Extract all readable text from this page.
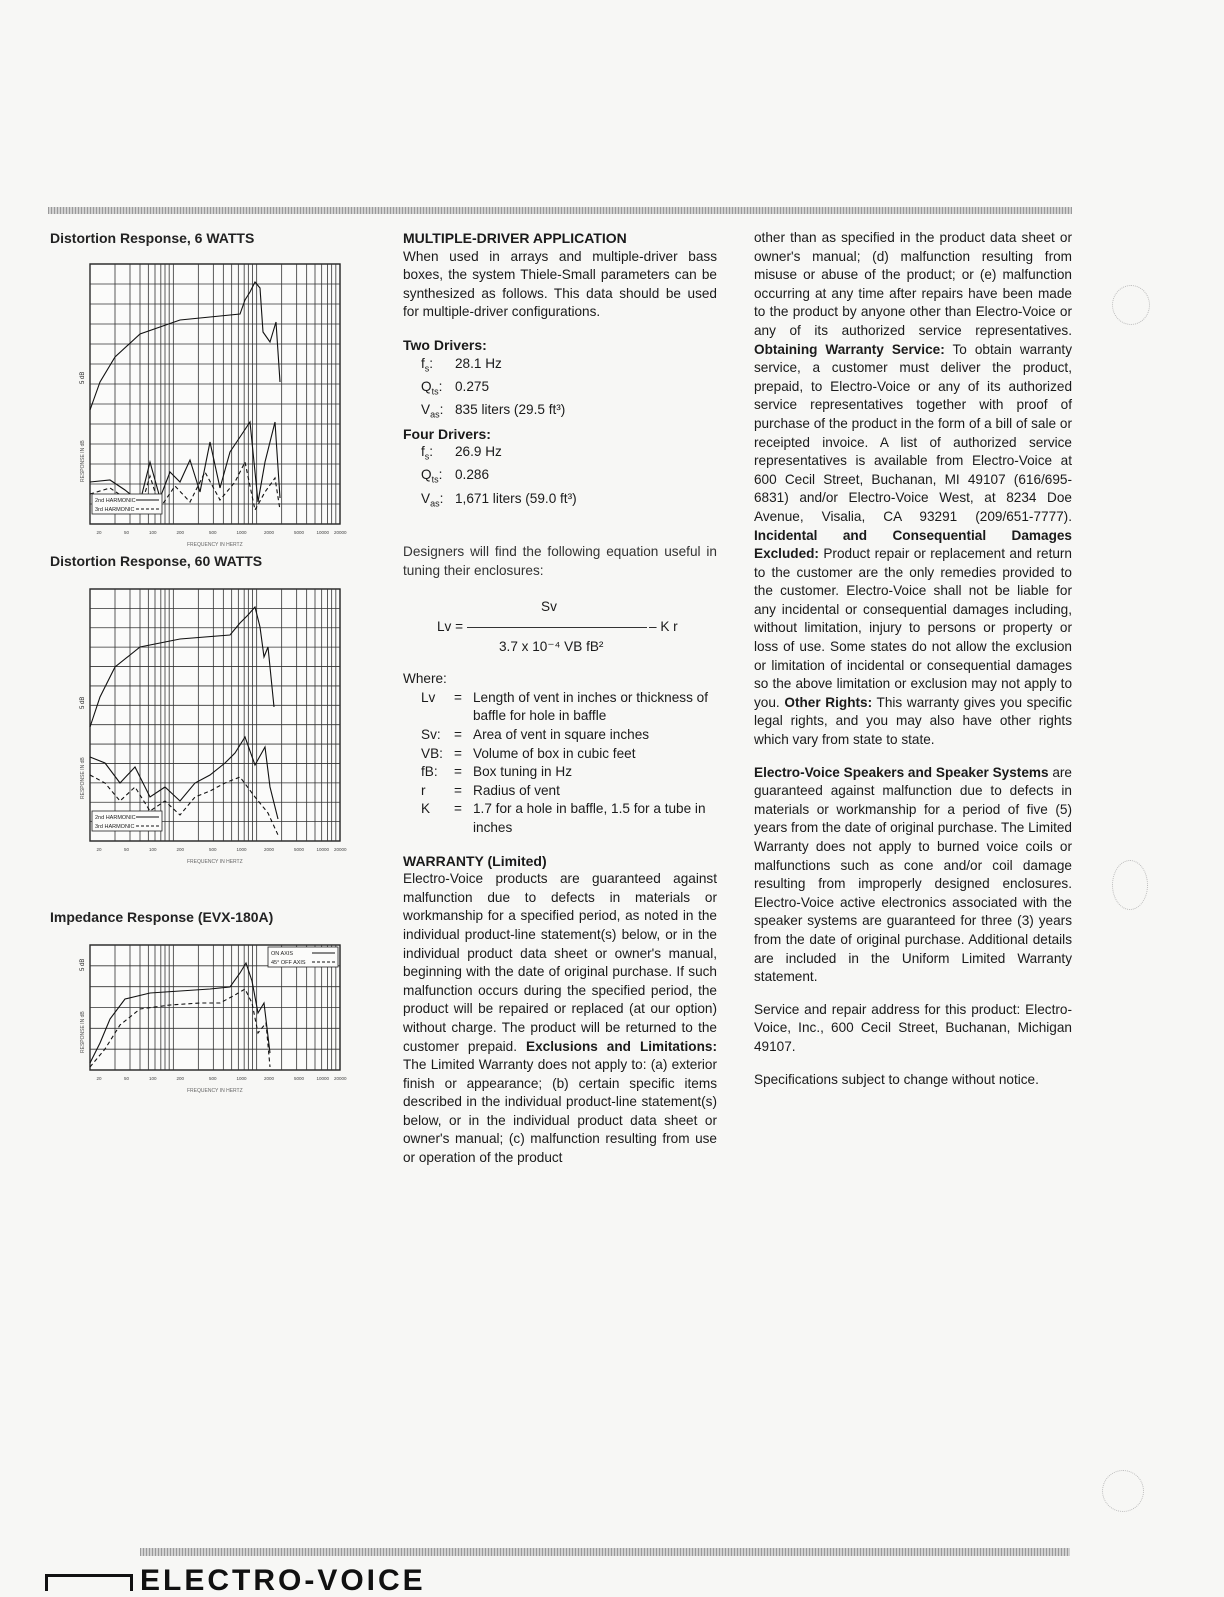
ELECTRO-VOICE
Distortion Response, 6 WATTS
5 dB
RESPONSE IN dB
2nd HARMONIC
3rd HARMONIC
20	50	100	200	500	1000	2000	5000	10000 20000
FREQUENCY IN HERTZ
Distortion Response, 60 WATTS
5 dB
RESPONSE IN dB
2nd HARMONIC
3rd HARMONIC
20	50	100	200	500	1000	2000	5000	10000 20000
FREQUENCY IN HERTZ
Impedance Response (EVX-180A)
5 dB
RESPONSE IN dB
ON AXIS
45° OFF AXIS
20	50	100	200	500	1000	2000	5000	10000 20000
FREQUENCY IN HERTZ

MULTIPLE-DRIVER APPLICATION

When used in arrays and multiple-driver bass boxes, the system Thiele-Small parameters can be synthesized as follows. This data should be used for multiple-driver configurations.

Two Drivers:

$f_s$:	28.1 Hz
$Q_{ts}$: 0.275
$V_{as}$: 835 liters (29.5 ft³)

Four Drivers:

$f_s$:	26.9 Hz
$Q_{ts}$: 0.286
$V_{as}$: 1,671 liters (59.0 ft³)

Designers will find the following equation useful in tuning their enclosures:

Sv
Lv =	– K r
3.7 x 10⁻⁴ VB fB²

Where:

Lv	= Length of vent in inches or thickness of baffle for hole in baffle
Sv: = Area of vent in square inches
VB: = Volume of box in cubic feet
fB:	= Box tuning in Hz
r	= Radius of vent
K	= 1.7 for a hole in baffle, 1.5 for a tube in inches

WARRANTY (Limited)

Electro-Voice products are guaranteed against malfunction due to defects in materials or workmanship for a specified period, as noted in the individual product-line statement(s) below, or in the individual product data sheet or owner's manual, beginning with the date of original purchase. If such malfunction occurs during the specified period, the product will be repaired or replaced (at our option) without charge. The product will be returned to the customer prepaid. Exclusions and Limitations: The Limited Warranty does not apply to: (a) exterior finish or appearance; (b) certain specific items described in the individual product-line statement(s) below, or in the individual product data sheet or owner's manual; (c) malfunction resulting from use or operation of the product

other than as specified in the product data sheet or owner's manual; (d) malfunction resulting from misuse or abuse of the product; or (e) malfunction occurring at any time after repairs have been made to the product by anyone other than Electro-Voice or any of its authorized service representatives. Obtaining Warranty Service: To obtain warranty service, a customer must deliver the product, prepaid, to Electro-Voice or any of its authorized service representatives together with proof of purchase of the product in the form of a bill of sale or receipted invoice. A list of authorized service representatives is available from Electro-Voice at 600 Cecil Street, Buchanan, MI 49107 (616/695-6831) and/or Electro-Voice West, at 8234 Doe Avenue, Visalia, CA 93291 (209/651-7777). Incidental and Consequential Damages Excluded: Product repair or replacement and return to the customer are the only remedies provided to the customer. Electro-Voice shall not be liable for any incidental or consequential damages including, without limitation, injury to persons or property or loss of use. Some states do not allow the exclusion or limitation of incidental or consequential damages so the above limitation or exclusion may not apply to you. Other Rights: This warranty gives you specific legal rights, and you may also have other rights which vary from state to state.

Electro-Voice Speakers and Speaker Systems are guaranteed against malfunction due to defects in materials or workmanship for a period of five (5) years from the date of original purchase. The Limited Warranty does not apply to burned voice coils or malfunctions such as cone and/or coil damage resulting from improperly designed enclosures. Electro-Voice active electronics associated with the speaker systems are guaranteed for three (3) years from the date of original purchase. Additional details are included in the Uniform Limited Warranty statement.

Service and repair address for this product: Electro-Voice, Inc., 600 Cecil Street, Buchanan, Michigan 49107.

Specifications subject to change without notice.
